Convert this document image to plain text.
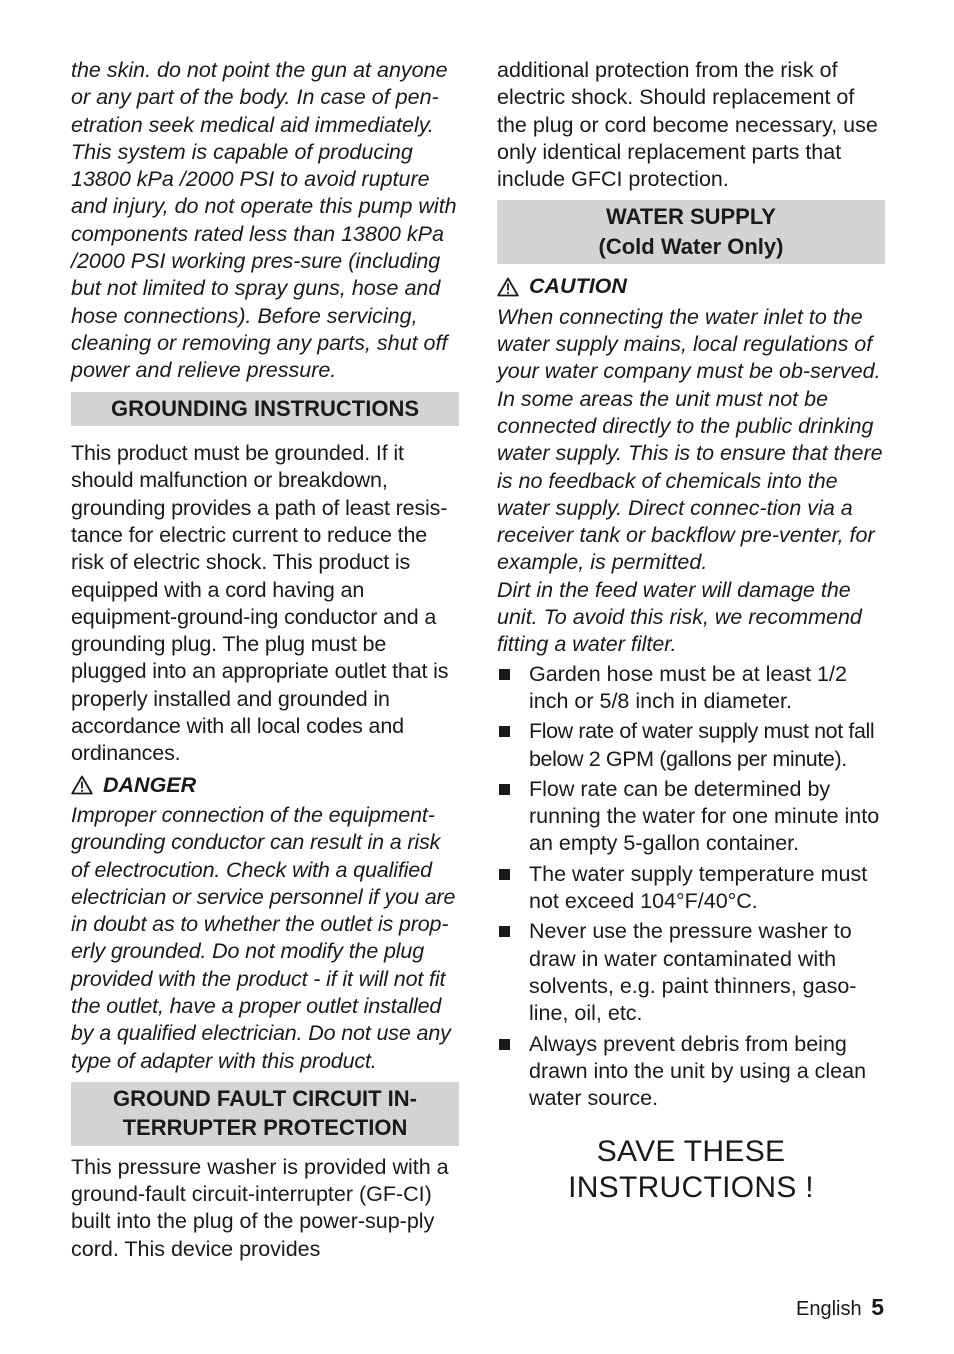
the skin. do not point the gun at anyone or any part of the body. In case of pen-etration seek medical aid immediately. This system is capable of producing 13800 kPa /2000 PSI to avoid rupture and injury, do not operate this pump with components rated less than 13800 kPa /2000 PSI working pres-sure (including but not limited to spray guns, hose and hose connections). Before servicing, cleaning or removing any parts, shut off power and relieve pressure.

GROUNDING INSTRUCTIONS

This product must be grounded. If it should malfunction or breakdown, grounding provides a path of least resis-tance for electric current to reduce the risk of electric shock. This product is equipped with a cord having an equipment-ground-ing conductor and a grounding plug. The plug must be plugged into an appropriate outlet that is properly installed and grounded in accordance with all local codes and ordinances.

DANGER

Improper connection of the equipment-grounding conductor can result in a risk of electrocution. Check with a qualified electrician or service personnel if you are in doubt as to whether the outlet is prop-erly grounded. Do not modify the plug provided with the product - if it will not fit the outlet, have a proper outlet installed by a qualified electrician. Do not use any type of adapter with this product.

GROUND FAULT CIRCUIT IN-
TERRUPTER PROTECTION

This pressure washer is provided with a ground-fault circuit-interrupter (GF-CI) built into the plug of the power-sup-ply cord. This device provides

additional protection from the risk of electric shock. Should replacement of the plug or cord become necessary, use only identical replacement parts that include GFCI protection.

WATER SUPPLY
(Cold Water Only)
CAUTION

When connecting the water inlet to the water supply mains, local regulations of your water company must be ob-served. In some areas the unit must not be connected directly to the public drinking water supply. This is to ensure that there is no feedback of chemicals into the water supply. Direct connec-tion via a receiver tank or backflow pre-venter, for example, is permitted.

Dirt in the feed water will damage the unit. To avoid this risk, we recommend fitting a water filter.

Garden hose must be at least 1/2 inch or 5/8 inch in diameter.
Flow rate of water supply must not fall below 2 GPM (gallons per minute).
Flow rate can be determined by running the water for one minute into an empty 5-gallon container.
The water supply temperature must not exceed 104°F/40°C.
Never use the pressure washer to draw in water contaminated with solvents, e.g. paint thinners, gaso-line, oil, etc.
Always prevent debris from being drawn into the unit by using a clean water source.
SAVE THESE
INSTRUCTIONS !
English 5
